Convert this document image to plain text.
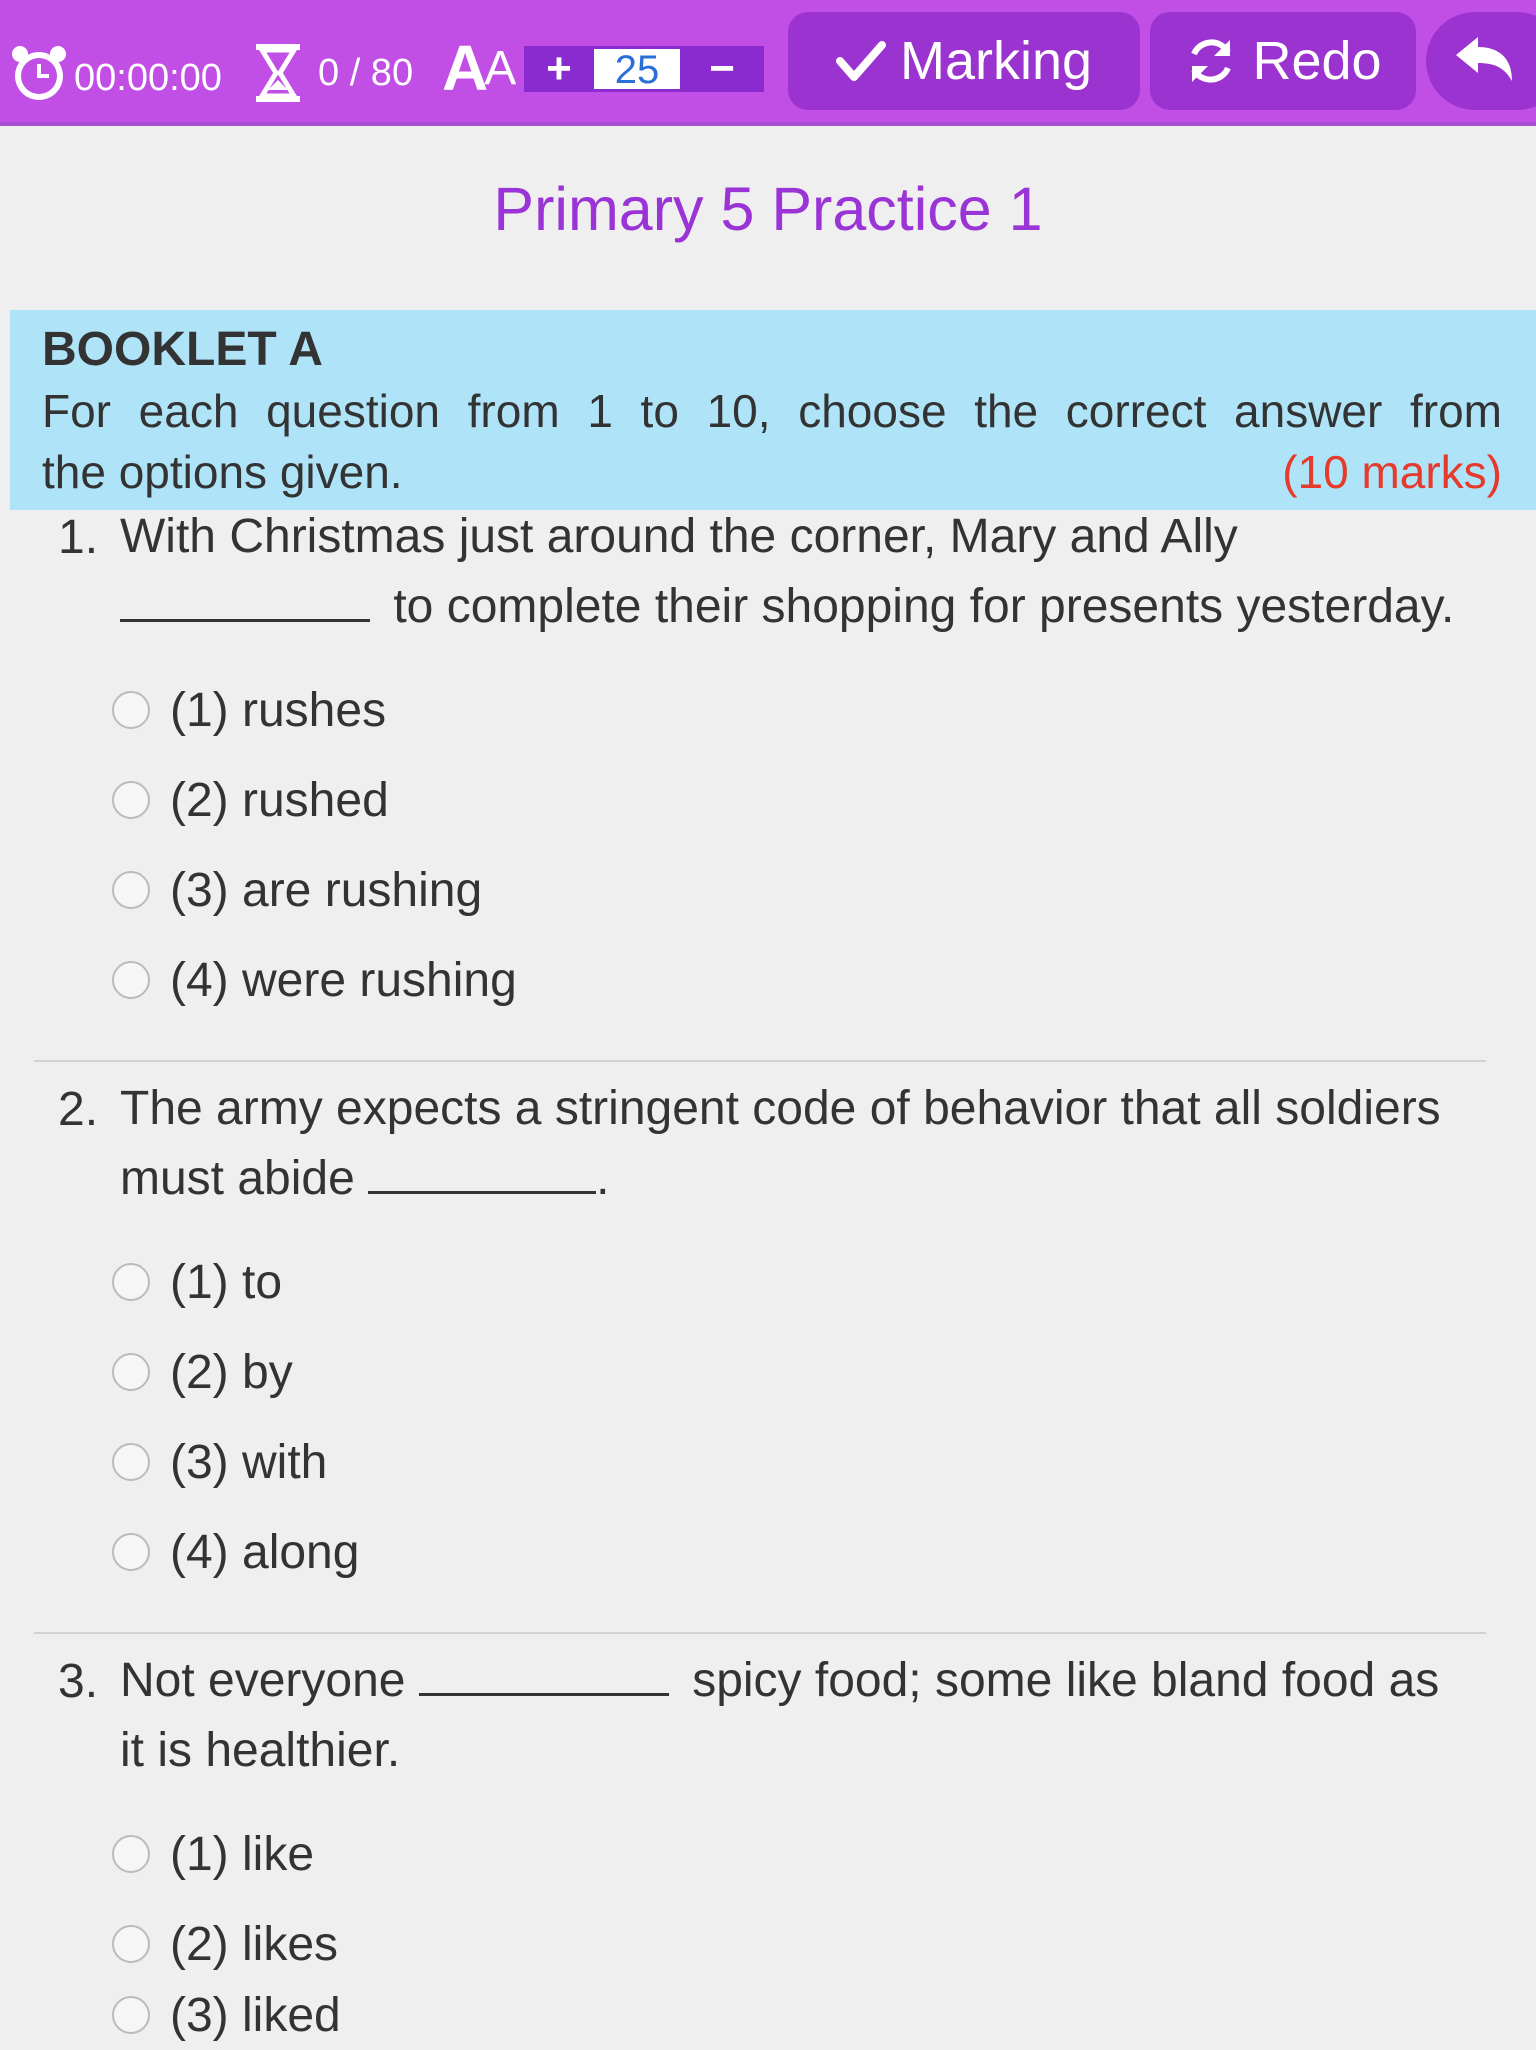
00:00:00	0 / 80 A A +	25	−	Marking	Redo
Primary 5 Practice 1
BOOKLET A
For each question from 1 to 10, choose the correct answer from
the options given.	(10 marks)
1. With Christmas just around the corner, Mary and Ally
to complete their shopping for presents yesterday.
(1) rushes
(2) rushed
(3) are rushing
(4) were rushing
2. The army expects a stringent code of behavior that all soldiers
must abide	.
(1) to
(2) by
(3) with
(4) along
3. Not everyone	spicy food; some like bland food as
it is healthier.
(1) like
(2) likes
(3) liked
